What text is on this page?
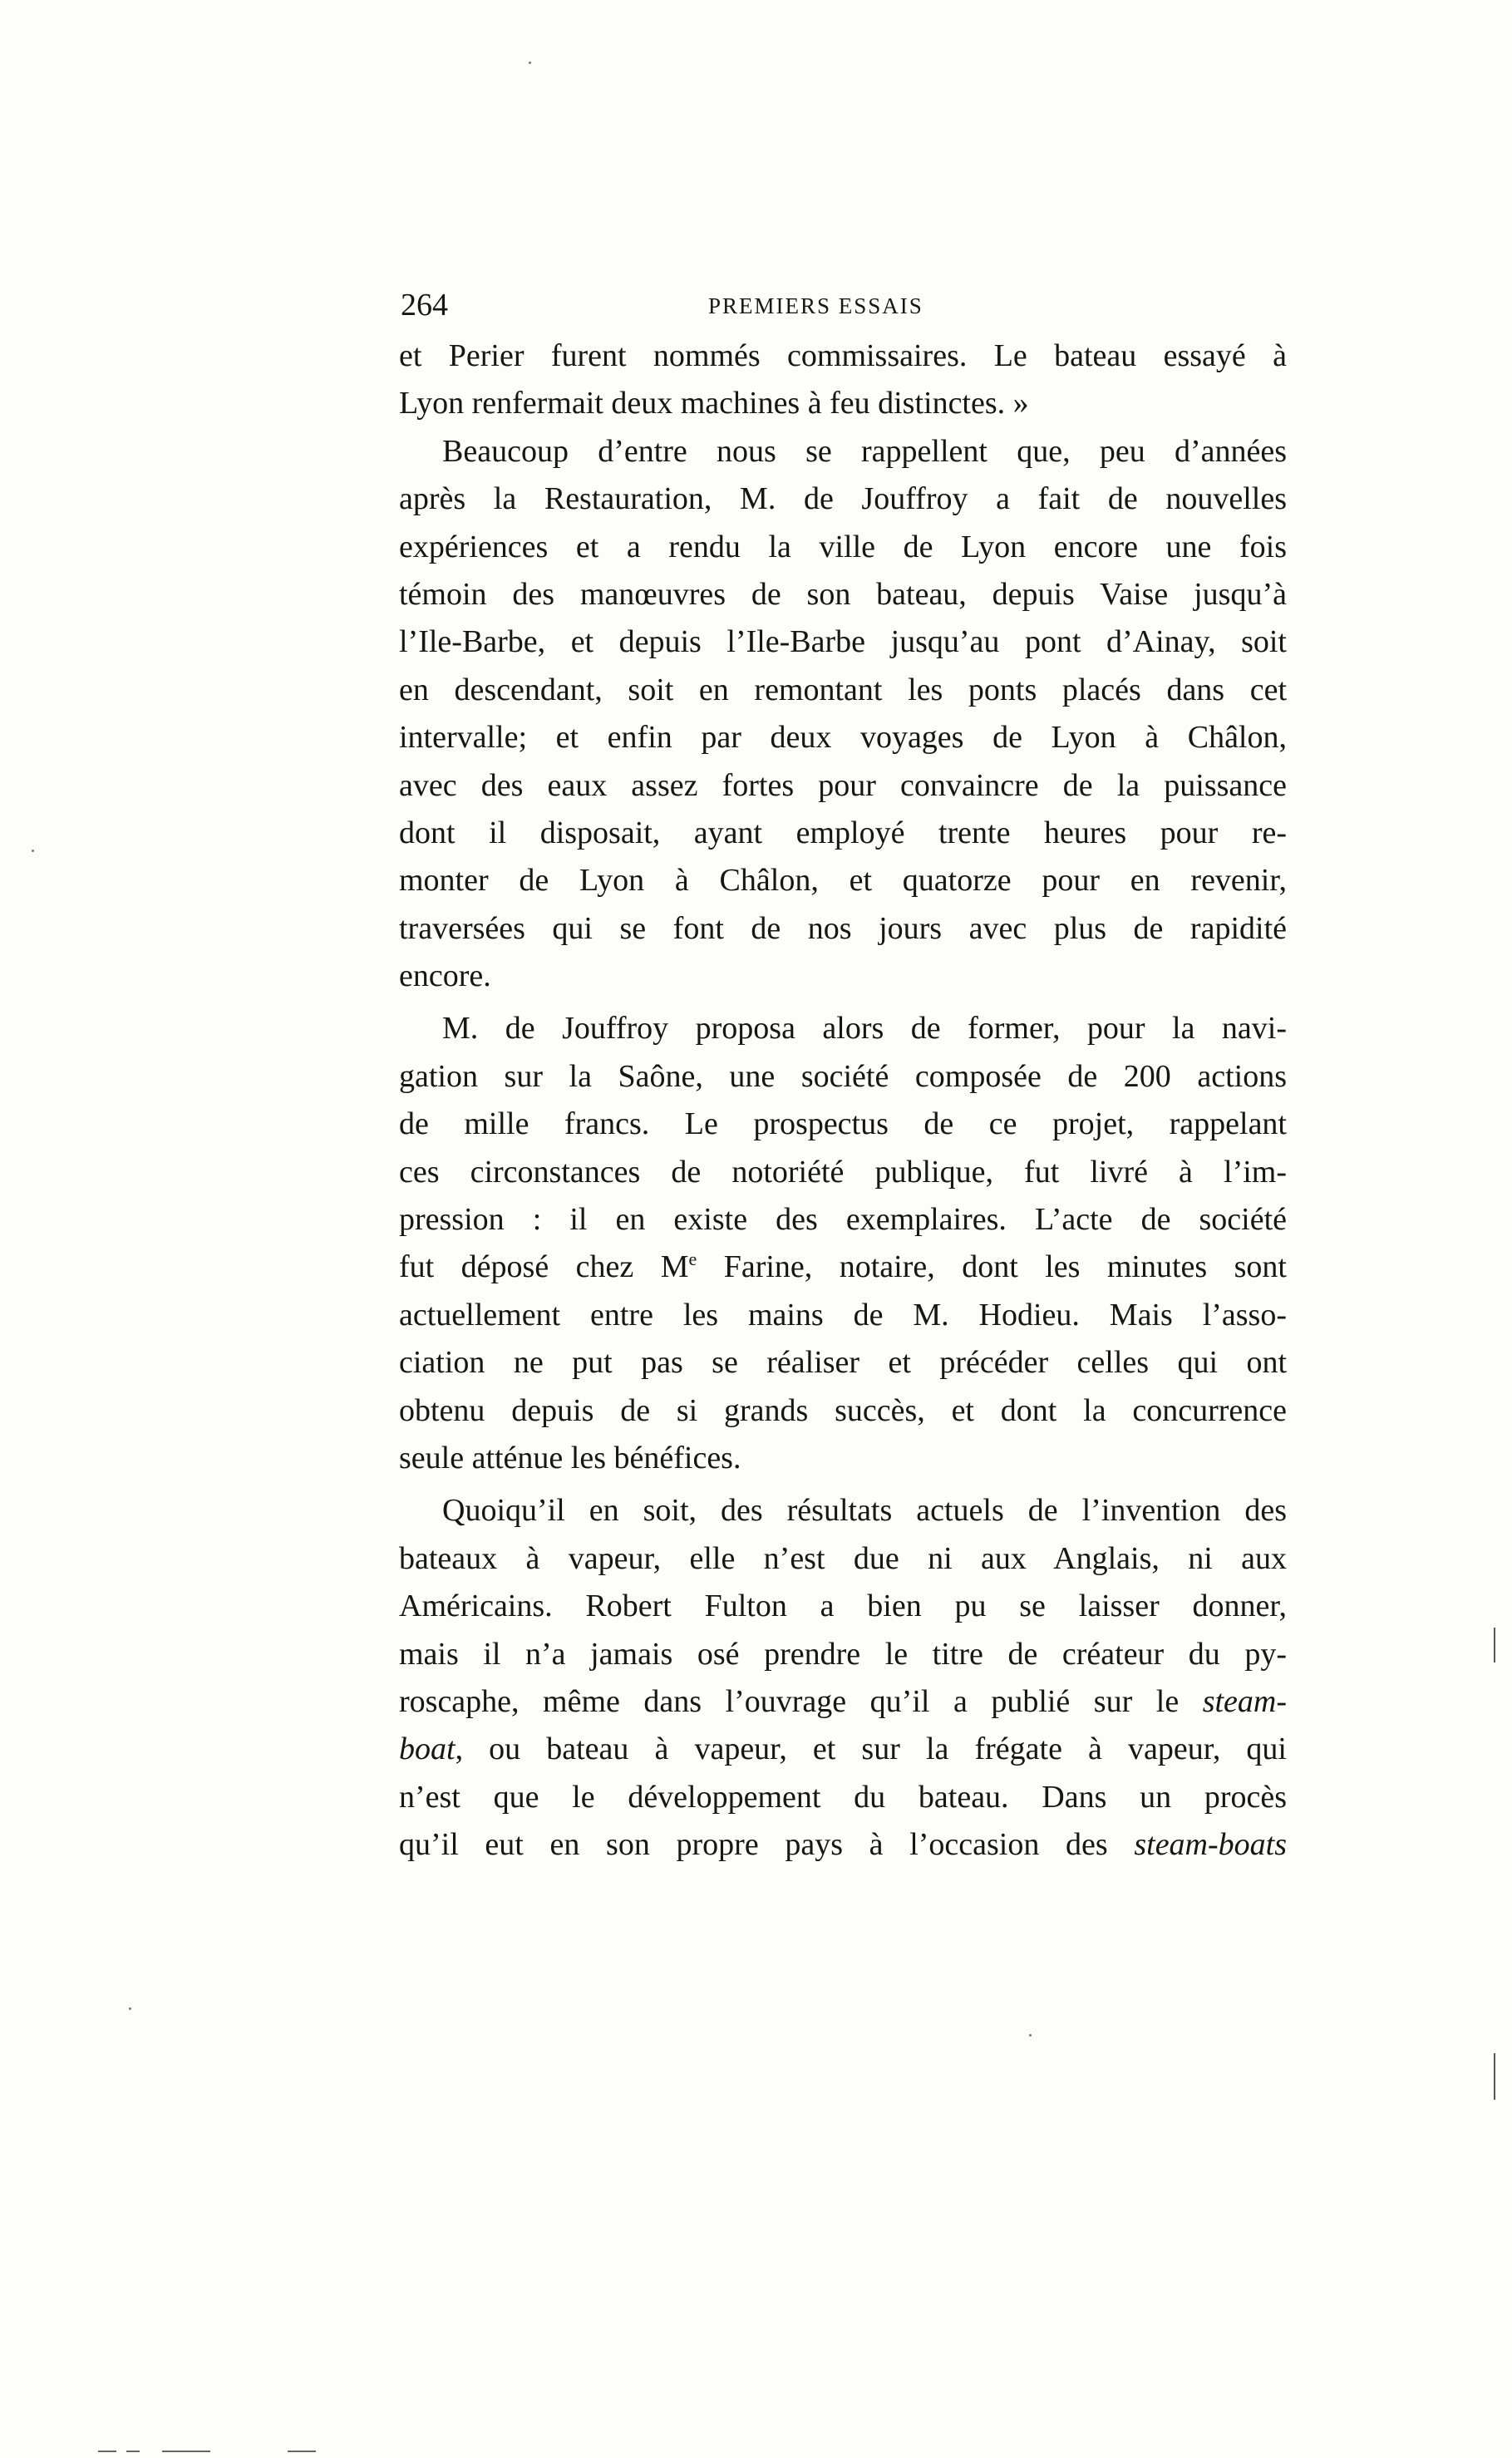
264	PREMIERS ESSAIS
et Perier furent nommés commissaires. Le bateau essayé à
Lyon renfermait deux machines à feu distinctes. »
Beaucoup d’entre nous se rappellent que, peu d’années
après la Restauration, M. de Jouffroy a fait de nouvelles
expériences et a rendu la ville de Lyon encore une fois
témoin des manœuvres de son bateau, depuis Vaise jusqu’à
l’Ile-Barbe, et depuis l’Ile-Barbe jusqu’au pont d’Ainay, soit
en descendant, soit en remontant les ponts placés dans cet
intervalle; et enfin par deux voyages de Lyon à Châlon,
avec des eaux assez fortes pour convaincre de la puissance
dont il disposait, ayant employé trente heures pour re-
monter de Lyon à Châlon, et quatorze pour en revenir,
traversées qui se font de nos jours avec plus de rapidité
encore.
M. de Jouffroy proposa alors de former, pour la navi-
gation sur la Saône, une société composée de 200 actions
de mille francs. Le prospectus de ce projet, rappelant
ces circonstances de notoriété publique, fut livré à l’im-
pression : il en existe des exemplaires. L’acte de société
fut déposé chez Me Farine, notaire, dont les minutes sont
actuellement entre les mains de M. Hodieu. Mais l’asso-
ciation ne put pas se réaliser et précéder celles qui ont
obtenu depuis de si grands succès, et dont la concurrence
seule atténue les bénéfices.
Quoiqu’il en soit, des résultats actuels de l’invention des
bateaux à vapeur, elle n’est due ni aux Anglais, ni aux
Américains. Robert Fulton a bien pu se laisser donner,
mais il n’a jamais osé prendre le titre de créateur du py-
roscaphe, même dans l’ouvrage qu’il a publié sur le steam-
boat, ou bateau à vapeur, et sur la frégate à vapeur, qui
n’est que le développement du bateau. Dans un procès
qu’il eut en son propre pays à l’occasion des steam-boats
